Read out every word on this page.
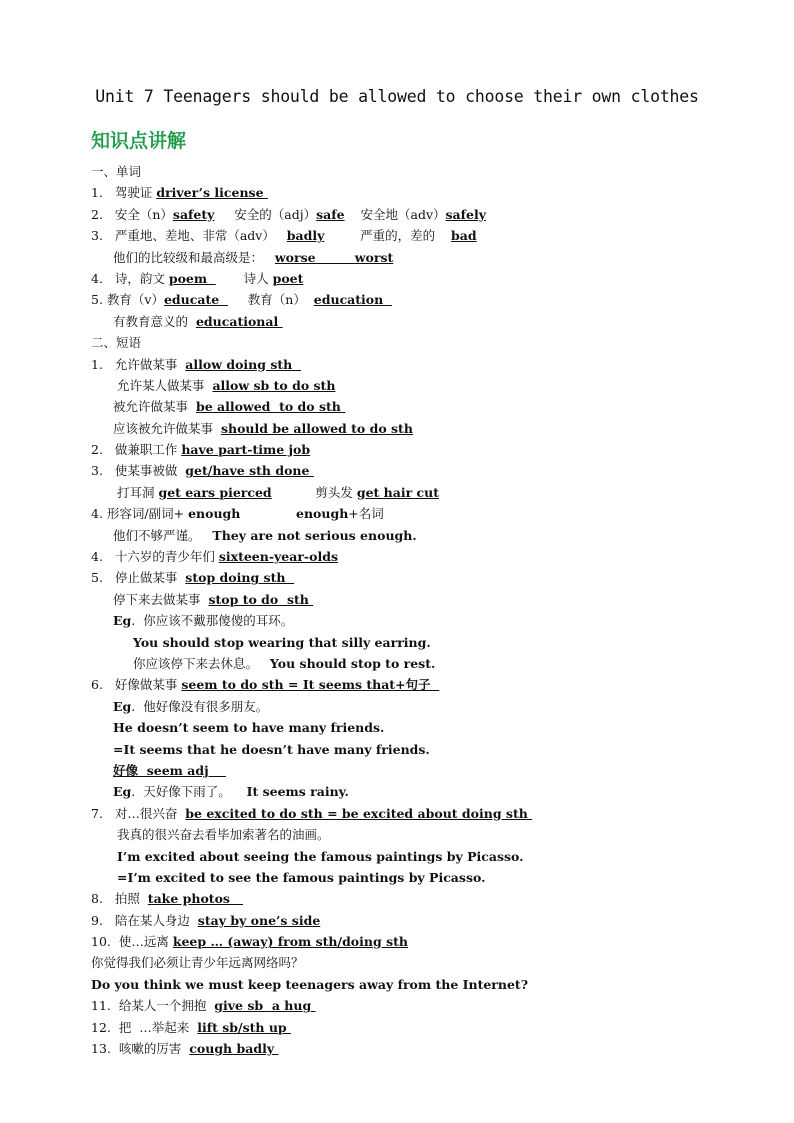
Unit 7 Teenagers should be allowed to choose their own clothes
知识点讲解
一、单词
1.   驾驶证 driver’s license
2.   安全（n）safety     安全的（adj）safe    安全地（adv）safely
3.   严重地、差地、非常（adv）   badly         严重的，差的    bad
他们的比较级和最高级是：   worse         worst
4.   诗，韵文 poem         诗人 poet
5. 教育（v）educate       教育（n）  education
有教育意义的  educational
二、短语
1.   允许做某事  allow doing sth
允许某人做某事  allow sb to do sth
被允许做某事  be allowed  to do sth
应该被允许做某事  should be allowed to do sth
2.   做兼职工作 have part-time job
3.   使某事被做  get/have sth done
打耳洞 get ears pierced           剪头发 get hair cut
4. 形容词/副词+ enough	enough+名词
他们不够严谨。   They are not serious enough.
4.   十六岁的青少年们 sixteen-year-olds
5.   停止做某事  stop doing sth
停下来去做某事  stop to do  sth
Eg.  你应该不戴那傻傻的耳环。
You should stop wearing that silly earring.
你应该停下来去休息。   You should stop to rest.
6.   好像做某事 seem to do sth = It seems that+句子
Eg.  他好像没有很多朋友。
He doesn’t seem to have many friends.
=It seems that he doesn’t have many friends.
好像  seem adj
Eg.  天好像下雨了。    It seems rainy.
7.   对…很兴奋  be excited to do sth = be excited about doing sth
我真的很兴奋去看毕加索著名的油画。
I’m excited about seeing the famous paintings by Picasso.
=I’m excited to see the famous paintings by Picasso.
8.   拍照  take photos
9.   陪在某人身边  stay by one’s side
10.  使…远离 keep … (away) from sth/doing sth
你觉得我们必须让青少年远离网络吗？
Do you think we must keep teenagers away from the Internet?
11.  给某人一个拥抱  give sb  a hug
12.  把  …举起来  lift sb/sth up
13.  咳嗽的厉害  cough badly
